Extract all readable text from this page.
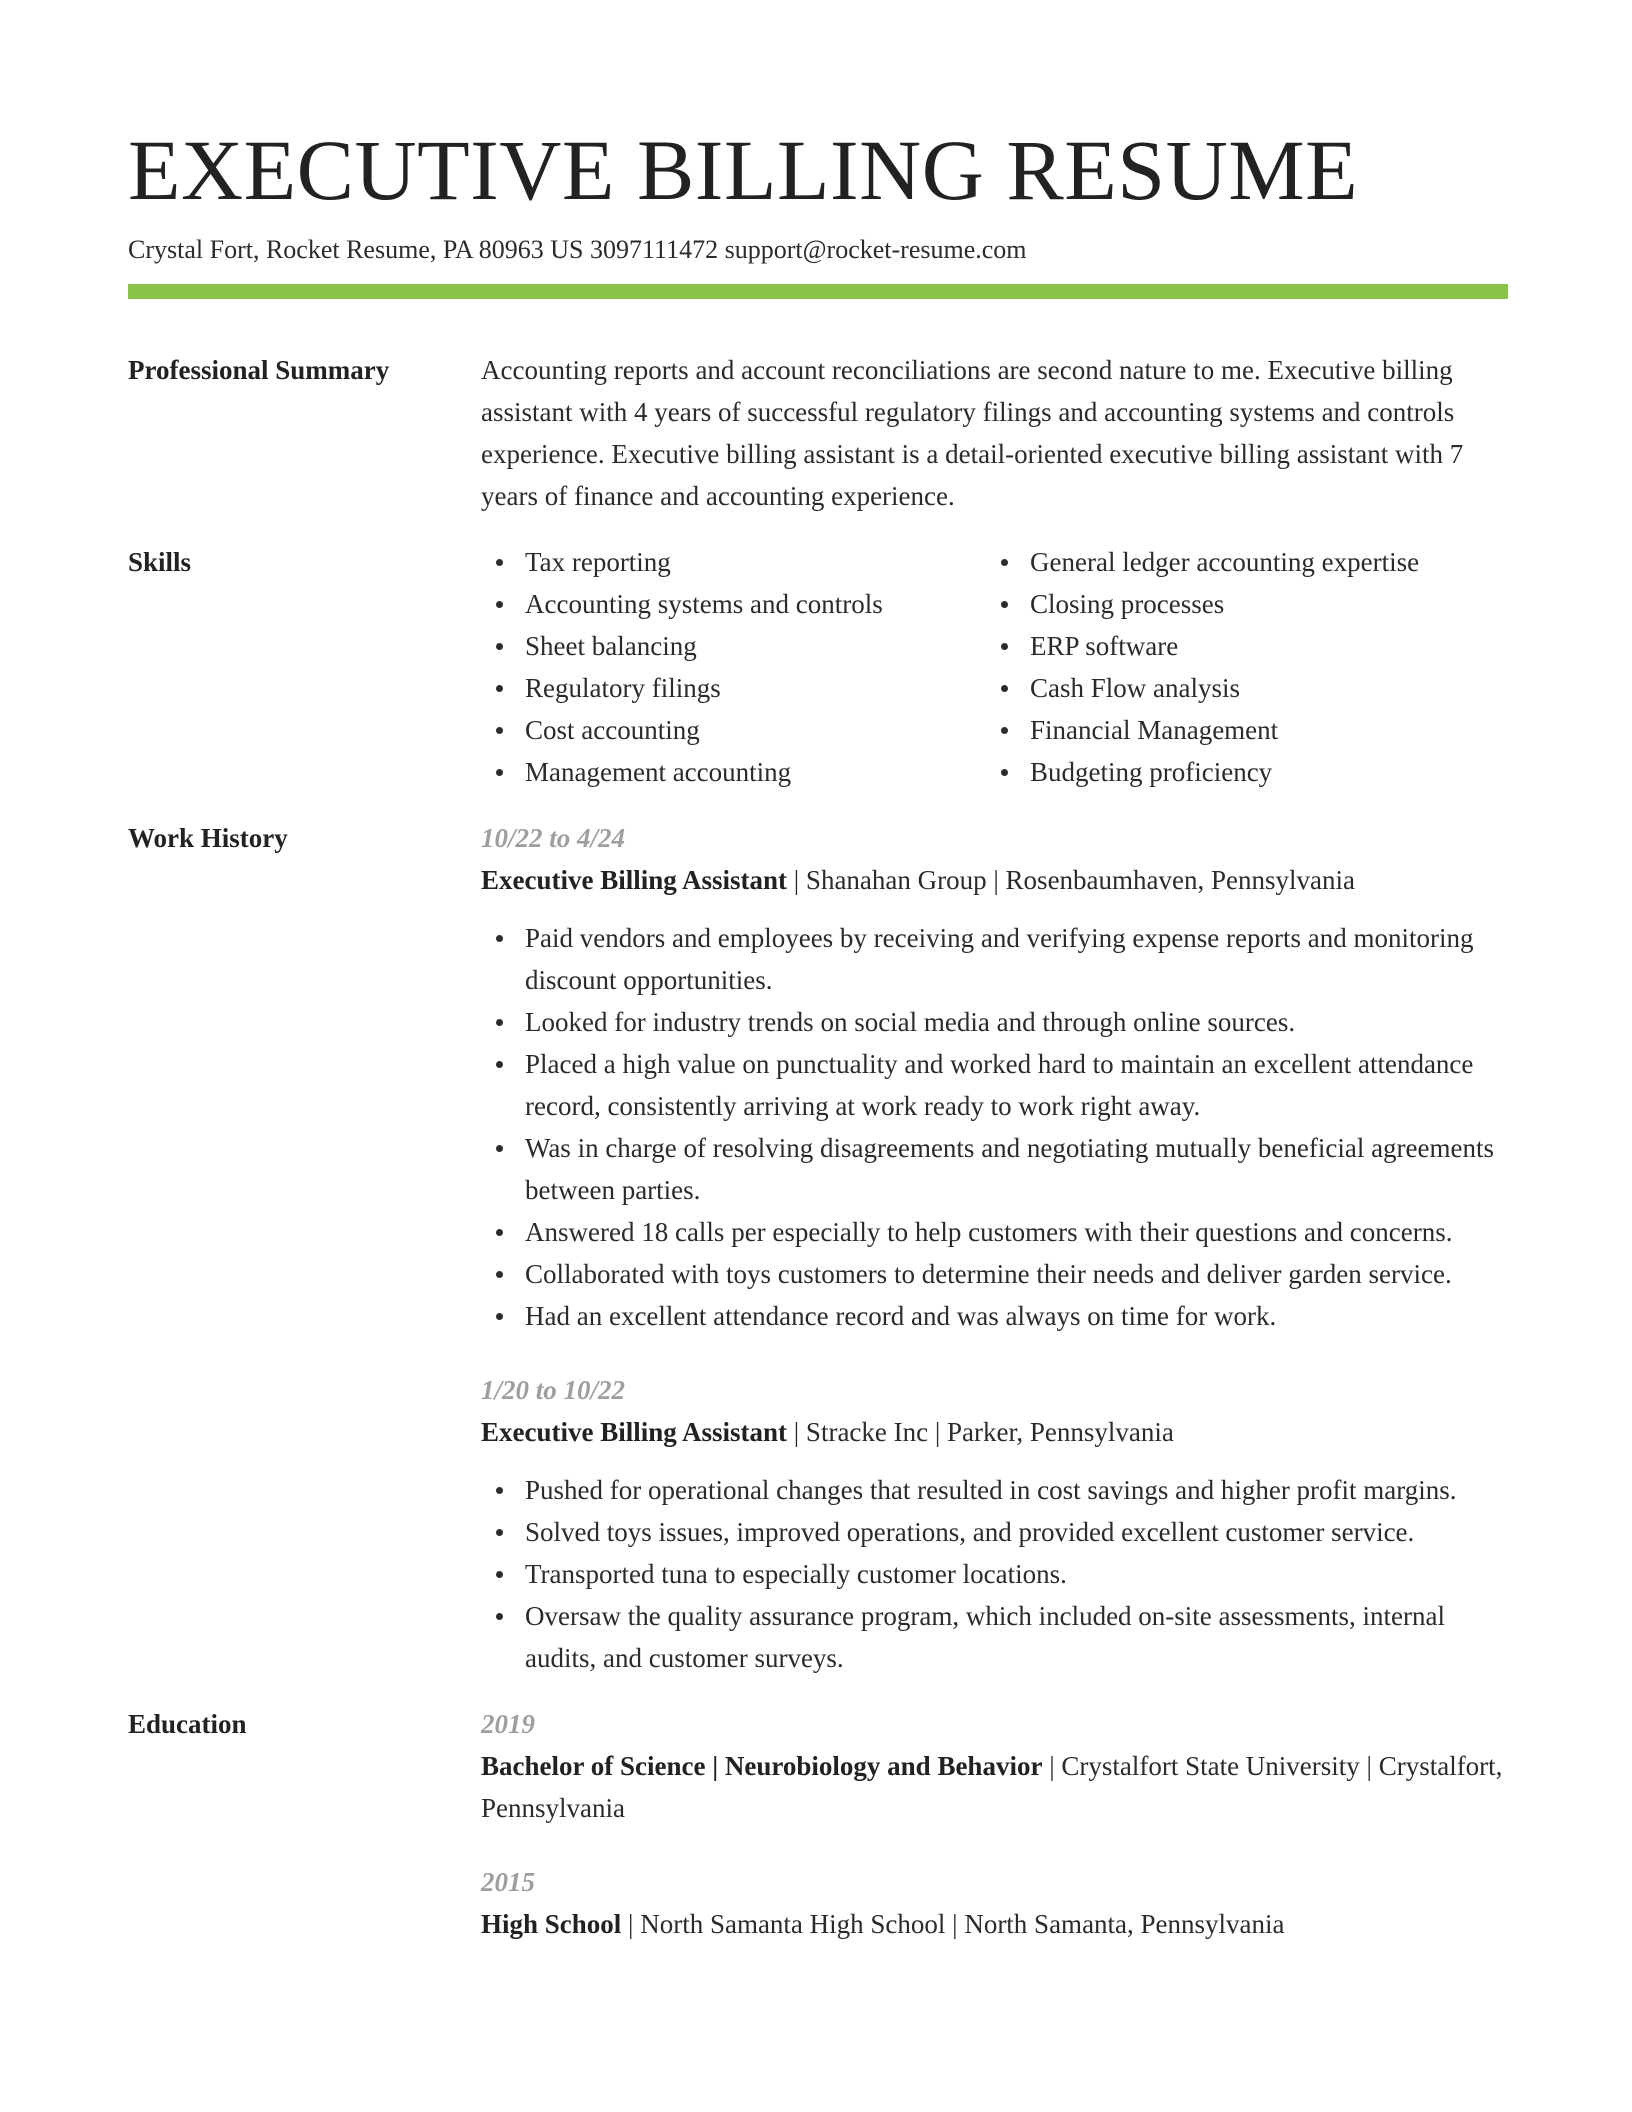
EXECUTIVE BILLING RESUME
Crystal Fort, Rocket Resume, PA 80963 US 3097111472 support@rocket-resume.com
Professional Summary	Accounting reports and account reconciliations are second nature to me. Executive billing assistant with 4 years of successful regulatory filings and accounting systems and controls experience. Executive billing assistant is a detail-oriented executive billing assistant with 7 years of finance and accounting experience.

Skills	Tax reporting
Accounting systems and controls
Sheet balancing
Regulatory filings
Cost accounting
Management accounting
General ledger accounting expertise
Closing processes
ERP software
Cash Flow analysis
Financial Management
Budgeting proficiency
Work History	10/22 to 4/24
Executive Billing Assistant | Shanahan Group | Rosenbaumhaven, Pennsylvania
Paid vendors and employees by receiving and verifying expense reports and monitoring discount opportunities.
Looked for industry trends on social media and through online sources.
Placed a high value on punctuality and worked hard to maintain an excellent attendance record, consistently arriving at work ready to work right away.
Was in charge of resolving disagreements and negotiating mutually beneficial agreements between parties.
Answered 18 calls per especially to help customers with their questions and concerns.
Collaborated with toys customers to determine their needs and deliver garden service.
Had an excellent attendance record and was always on time for work.
1/20 to 10/22
Executive Billing Assistant | Stracke Inc | Parker, Pennsylvania
Pushed for operational changes that resulted in cost savings and higher profit margins.
Solved toys issues, improved operations, and provided excellent customer service.
Transported tuna to especially customer locations.
Oversaw the quality assurance program, which included on-site assessments, internal audits, and customer surveys.
Education	2019
Bachelor of Science | Neurobiology and Behavior | Crystalfort State University | Crystalfort, Pennsylvania
2015
High School | North Samanta High School | North Samanta, Pennsylvania
